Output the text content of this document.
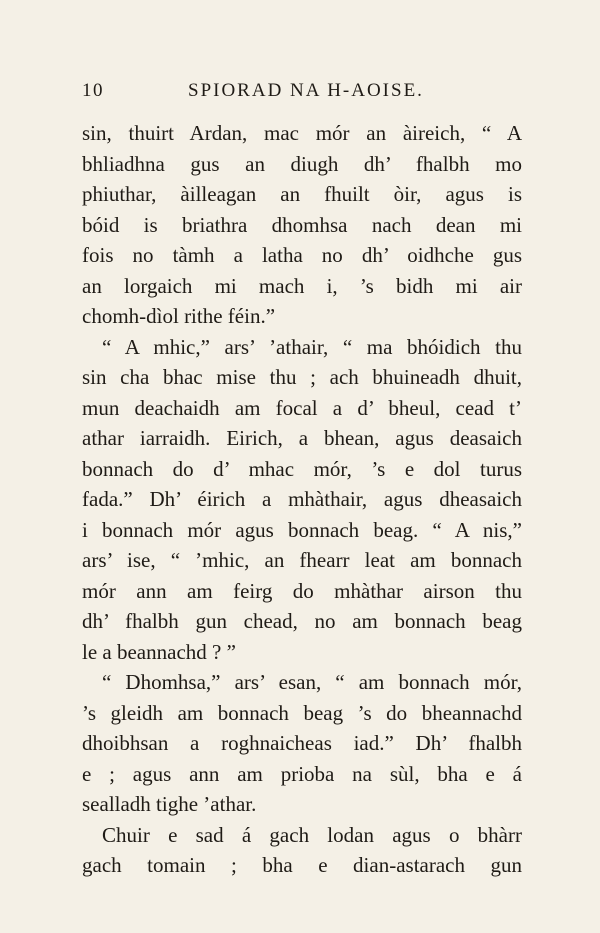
10	SPIORAD NA H-AOISE.
sin, thuirt Ardan, mac mór an àireich, “ A
bhliadhna gus an diugh dh’ fhalbh mo
phiuthar, àilleagan an fhuilt òir, agus is
bóid is briathra dhomhsa nach dean mi
fois no tàmh a latha no dh’ oidhche gus
an lorgaich mi mach i, ’s bidh mi air
chomh-dìol rithe féin.”
“ A mhic,” ars’ ’athair, “ ma bhóidich thu
sin cha bhac mise thu ; ach bhuineadh dhuit,
mun deachaidh am focal a d’ bheul, cead t’
athar iarraidh. Eirich, a bhean, agus deasaich
bonnach do d’ mhac mór, ’s e dol turus
fada.” Dh’ éirich a mhàthair, agus dheasaich
i bonnach mór agus bonnach beag. “ A nis,”
ars’ ise, “ ’mhic, an fhearr leat am bonnach
mór ann am feirg do mhàthar airson thu
dh’ fhalbh gun chead, no am bonnach beag
le a beannachd ? ”
“ Dhomhsa,” ars’ esan, “ am bonnach mór,
’s gleidh am bonnach beag ’s do bheannachd
dhoibhsan a roghnaicheas iad.” Dh’ fhalbh
e ; agus ann am prioba na sùl, bha e á
sealladh tighe ’athar.
Chuir e sad á gach lodan agus o bhàrr
gach tomain ; bha e dian-astarach gun
